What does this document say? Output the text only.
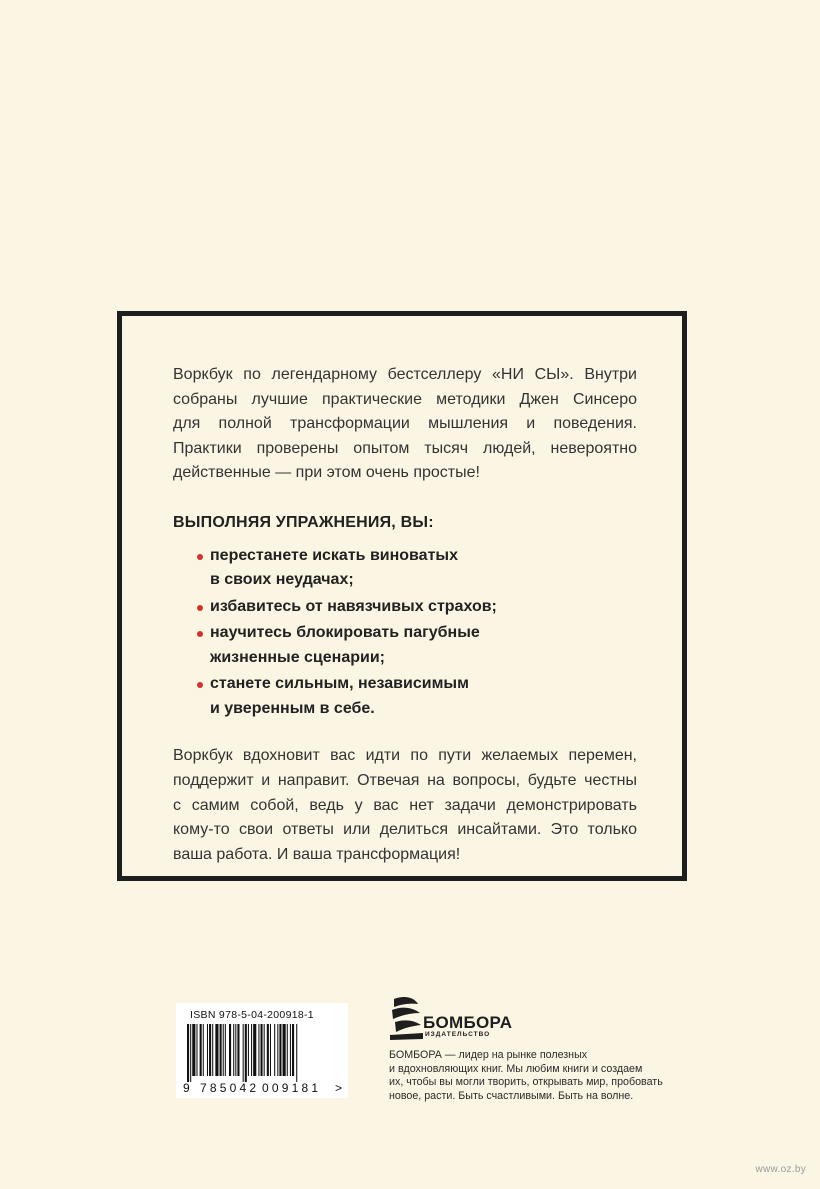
Воркбук по легендарному бестселлеру «НИ СЫ». Внутри
собраны лучшие практические методики Джен Синсеро
для полной трансформации мышления и поведения.
Практики проверены опытом тысяч людей, невероятно
действенные — при этом очень простые!

ВЫПОЛНЯЯ УПРАЖНЕНИЯ, ВЫ:

перестанете искать виноватых
в своих неудачах;
избавитесь от навязчивых страхов;
научитесь блокировать пагубные
жизненные сценарии;
станете сильным, независимым
и уверенным в себе.

Воркбук вдохновит вас идти по пути желаемых перемен,
поддержит и направит. Отвечая на вопросы, будьте честны
с самим собой, ведь у вас нет задачи демонстрировать
кому-то свои ответы или делиться инсайтами. Это только
ваша работа. И ваша трансформация!

ISBN 978-5-04-200918-1
9 785042 009181 >
БОМБОРА
ИЗДАТЕЛЬСТВО
БОМБОРА — лидер на рынке полезных
и вдохновляющих книг. Мы любим книги и создаем
их, чтобы вы могли творить, открывать мир, пробовать
новое, расти. Быть счастливыми. Быть на волне.
www.oz.by
